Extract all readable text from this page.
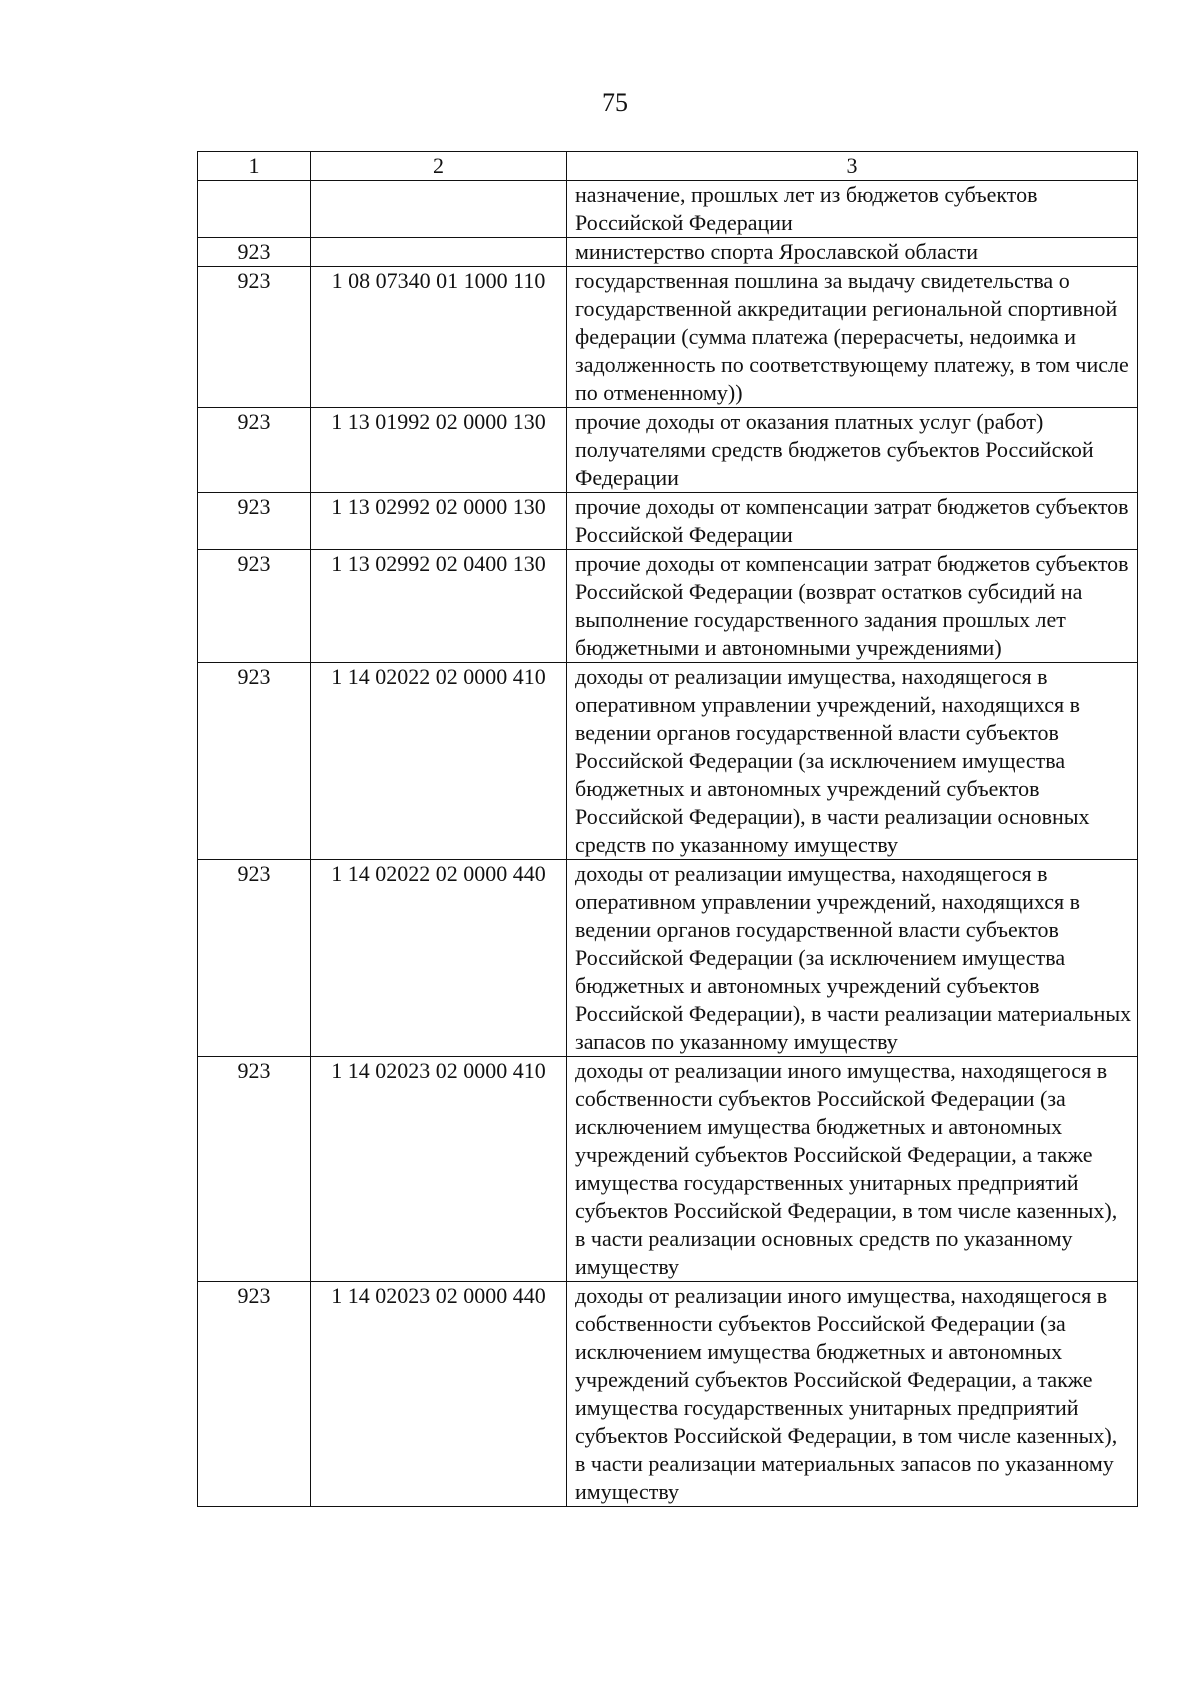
75
1	2	3
		назначение, прошлых лет из бюджетов субъектов Российской Федерации
923		министерство спорта Ярославской области
923	1 08 07340 01 1000 110	государственная пошлина за выдачу свидетельства о государственной аккредитации региональной спортивной федерации (сумма платежа (перерасчеты, недоимка и задолженность по соответствующему платежу, в том числе по отмененному))
923	1 13 01992 02 0000 130	прочие доходы от оказания платных услуг (работ) получателями средств бюджетов субъектов Российской Федерации
923	1 13 02992 02 0000 130	прочие доходы от компенсации затрат бюджетов субъектов Российской Федерации
923	1 13 02992 02 0400 130	прочие доходы от компенсации затрат бюджетов субъектов Российской Федерации (возврат остатков субсидий на выполнение государственного задания прошлых лет бюджетными и автономными учреждениями)
923	1 14 02022 02 0000 410	доходы от реализации имущества, находящегося в оперативном управлении учреждений, находящихся в ведении органов государственной власти субъектов Российской Федерации (за исключением имущества бюджетных и автономных учреждений субъектов Российской Федерации), в части реализации основных средств по указанному имуществу
923	1 14 02022 02 0000 440	доходы от реализации имущества, находящегося в оперативном управлении учреждений, находящихся в ведении органов государственной власти субъектов Российской Федерации (за исключением имущества бюджетных и автономных учреждений субъектов Российской Федерации), в части реализации материальных запасов по указанному имуществу
923	1 14 02023 02 0000 410	доходы от реализации иного имущества, находящегося в собственности субъектов Российской Федерации (за исключением имущества бюджетных и автономных учреждений субъектов Российской Федерации, а также имущества государственных унитарных предприятий субъектов Российской Федерации, в том числе казенных), в части реализации основных средств по указанному имуществу
923	1 14 02023 02 0000 440	доходы от реализации иного имущества, находящегося в собственности субъектов Российской Федерации (за исключением имущества бюджетных и автономных учреждений субъектов Российской Федерации, а также имущества государственных унитарных предприятий субъектов Российской Федерации, в том числе казенных), в части реализации материальных запасов по указанному имуществу
